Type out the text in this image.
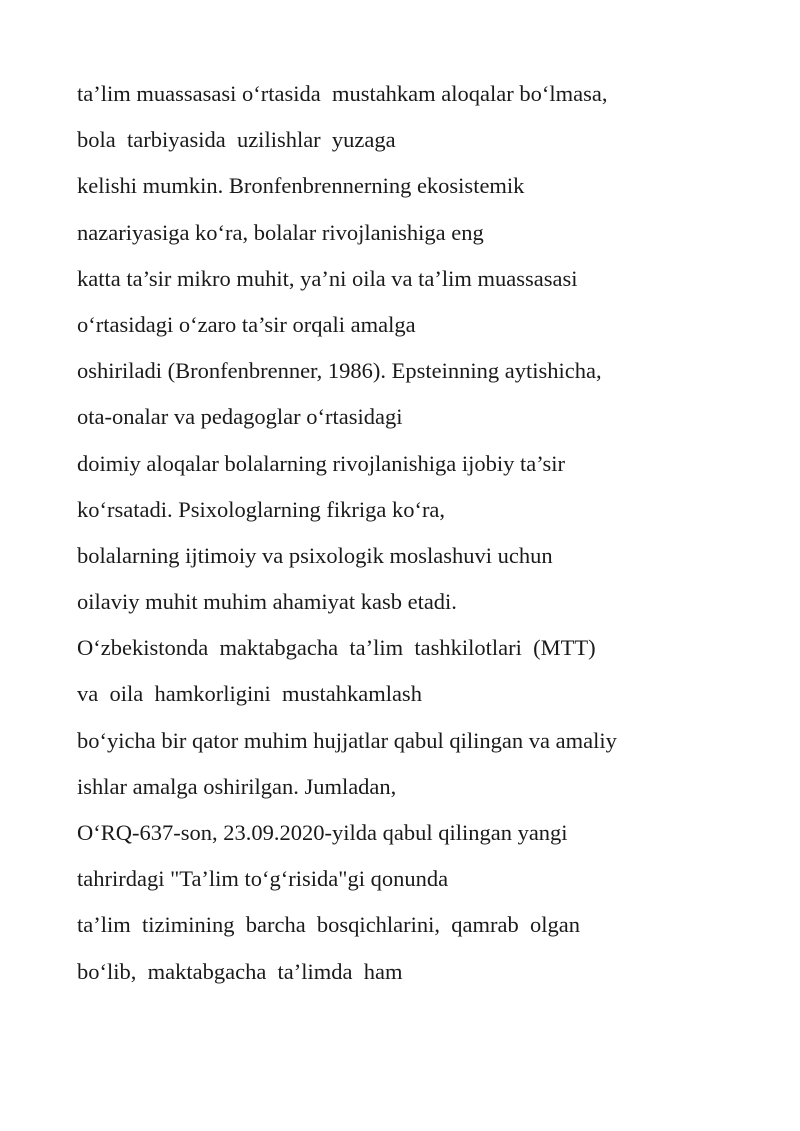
ta’lim muassasasi o‘rtasida  mustahkam aloqalar bo‘lmasa,
bola  tarbiyasida  uzilishlar  yuzaga
kelishi mumkin. Bronfenbrennerning ekosistemik
nazariyasiga ko‘ra, bolalar rivojlanishiga eng
katta ta’sir mikro muhit, ya’ni oila va ta’lim muassasasi
o‘rtasidagi o‘zaro ta’sir orqali amalga
oshiriladi (Bronfenbrenner, 1986). Epsteinning aytishicha,
ota-onalar va pedagoglar o‘rtasidagi
doimiy aloqalar bolalarning rivojlanishiga ijobiy ta’sir
ko‘rsatadi. Psixologlarning fikriga ko‘ra,
bolalarning ijtimoiy va psixologik moslashuvi uchun
oilaviy muhit muhim ahamiyat kasb etadi.
O‘zbekistonda  maktabgacha  ta’lim  tashkilotlari  (MTT)
va  oila  hamkorligini  mustahkamlash
bo‘yicha bir qator muhim hujjatlar qabul qilingan va amaliy
ishlar amalga oshirilgan. Jumladan,
O‘RQ-637-son, 23.09.2020-yilda qabul qilingan yangi
tahrirdagi "Ta’lim to‘g‘risida"gi qonunda
ta’lim  tizimining  barcha  bosqichlarini,  qamrab  olgan
bo‘lib,  maktabgacha  ta’limda  ham
